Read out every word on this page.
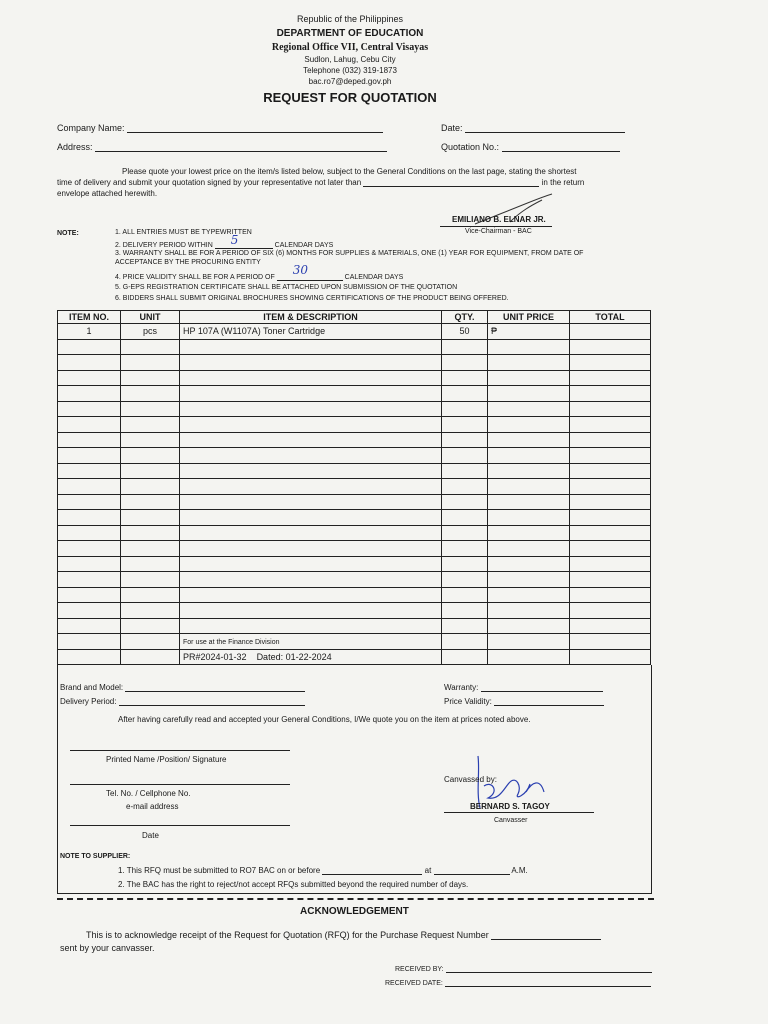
Republic of the Philippines
DEPARTMENT OF EDUCATION
Regional Office VII, Central Visayas
Sudlon, Lahug, Cebu City
Telephone (032) 319-1873
bac.ro7@deped.gov.ph
REQUEST FOR QUOTATION
Company Name:	Date:
Address:	Quotation No.:
Please quote your lowest price on the item/s listed below, subject to the General Conditions on the last page, stating the shortest
time of delivery and submit your quotation signed by your representative not later than	in the return
envelope attached herewith.
EMILIANO B. ELNAR JR.
Vice-Chairman - BAC
NOTE:	1. ALL ENTRIES MUST BE TYPEWRITTEN
2. DELIVERY PERIOD WITHIN 5	CALENDAR DAYS
3. WARRANTY SHALL BE FOR A PERIOD OF SIX (6) MONTHS FOR SUPPLIES & MATERIALS, ONE (1) YEAR FOR EQUIPMENT, FROM DATE OF
ACCEPTANCE BY THE PROCURING ENTITY
4. PRICE VALIDITY SHALL BE FOR A PERIOD OF
30
CALENDAR DAYS
5. G-EPS REGISTRATION CERTIFICATE SHALL BE ATTACHED UPON SUBMISSION OF THE QUOTATION
6. BIDDERS SHALL SUBMIT ORIGINAL BROCHURES SHOWING CERTIFICATIONS OF THE PRODUCT BEING OFFERED.
ITEM NO.	UNIT	ITEM & DESCRIPTION	QTY.	UNIT PRICE	TOTAL
1	pcs	HP 107A (W1107A) Toner Cartridge	50	₱	

		For use at the Finance Division			
		PR#2024-01-32 Dated: 01-22-2024			
Brand and Model:
Delivery Period:
Warranty:
Price Validity:
After having carefully read and accepted your General Conditions, I/We quote you on the item at prices noted above.
Printed Name /Position/ Signature
Tel. No. / Cellphone No.
e-mail address
Date
Canvassed by:
BERNARD S. TAGOY
Canvasser
NOTE TO SUPPLIER:
1. This RFQ must be submitted to RO7 BAC on or before	at	A.M.
2. The BAC has the right to reject/not accept RFQs submitted beyond the required number of days.
ACKNOWLEDGEMENT
This is to acknowledge receipt of the Request for Quotation (RFQ) for the Purchase Request Number
sent by your canvasser.
RECEIVED BY:
RECEIVED DATE:
